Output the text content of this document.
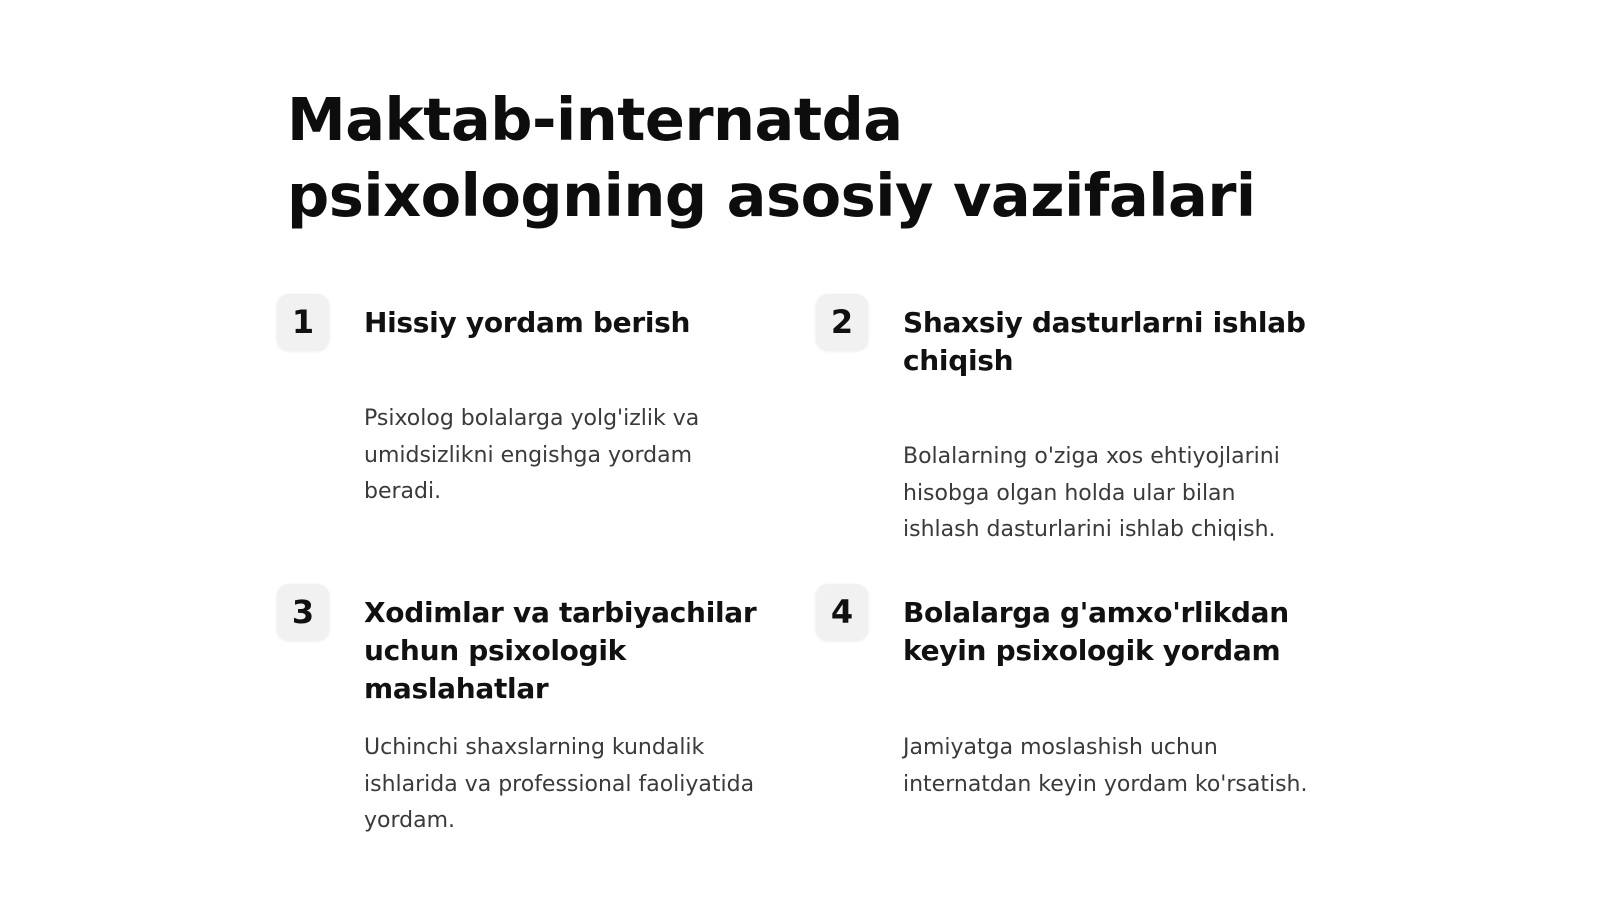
Maktab-internatda psixologning asosiy vazifalari
1	Hissiy yordam berish

Psixolog bolalarga yolg'izlik va umidsizlikni engishga yordam beradi.

2	Shaxsiy dasturlarni ishlab chiqish

Bolalarning o'ziga xos ehtiyojlarini hisobga olgan holda ular bilan ishlash dasturlarini ishlab chiqish.

3	Xodimlar va tarbiyachilar uchun psixologik maslahatlar

Uchinchi shaxslarning kundalik ishlarida va professional faoliyatida yordam.

4	Bolalarga g'amxo'rlikdan keyin psixologik yordam

Jamiyatga moslashish uchun internatdan keyin yordam ko'rsatish.
